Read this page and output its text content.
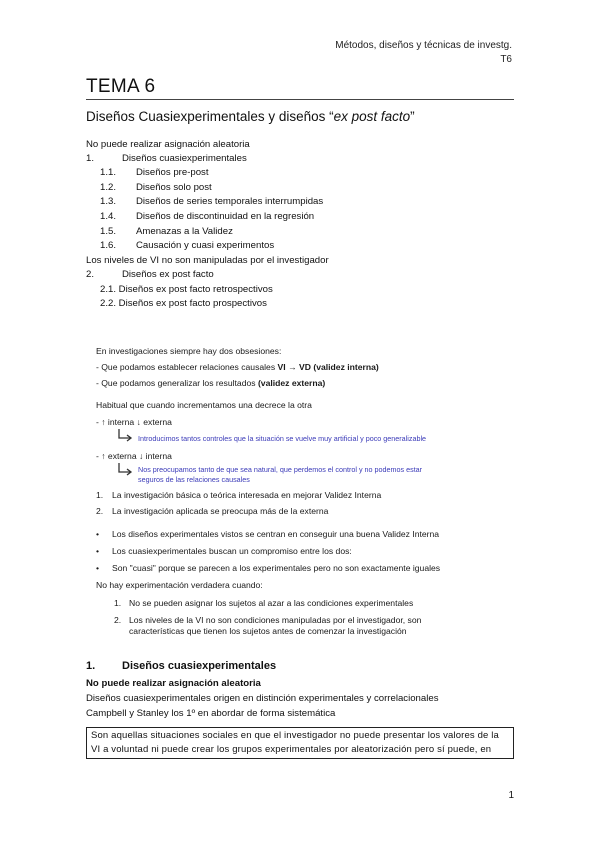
Métodos, diseños y técnicas de investg.
T6
TEMA 6
Diseños Cuasiexperimentales y diseños “ex post facto”
No puede realizar asignación aleatoria
1.	Diseños cuasiexperimentales
1.1. Diseños pre-post
1.2. Diseños solo post
1.3. Diseños de series temporales interrumpidas
1.4. Diseños de discontinuidad en la regresión
1.5. Amenazas a la Validez
1.6. Causación y cuasi experimentos
Los niveles de VI no son manipuladas por el investigador
2.	Diseños ex post facto
2.1. Diseños ex post facto retrospectivos
2.2. Diseños ex post facto prospectivos
En investigaciones siempre hay dos obsesiones:
- Que podamos establecer relaciones causales VI → VD (validez interna)
- Que podamos generalizar los resultados (validez externa)
Habitual que cuando incrementamos una decrece la otra
- ↑ interna ↓ externa
Introducimos tantos controles que la situación se vuelve muy artificial y poco generalizable
- ↑ externa ↓ interna
Nos preocupamos tanto de que sea natural, que perdemos el control y no podemos estar
seguros de las relaciones causales
1. La investigación básica o teórica interesada en mejorar Validez Interna
2. La investigación aplicada se preocupa más de la externa
• Los diseños experimentales vistos se centran en conseguir una buena Validez Interna
• Los cuasiexperimentales buscan un compromiso entre los dos:
• Son "cuasi" porque se parecen a los experimentales pero no son exactamente iguales
No hay experimentación verdadera cuando:
1. No se pueden asignar los sujetos al azar a las condiciones experimentales
2. Los niveles de la VI no son condiciones manipuladas por el investigador, son
características que tienen los sujetos antes de comenzar la investigación
1. Diseños cuasiexperimentales
No puede realizar asignación aleatoria
Diseños cuasiexperimentales origen en distinción experimentales y correlacionales
Campbell y Stanley los 1º en abordar de forma sistemática
Son aquellas situaciones sociales en que el investigador no puede presentar los valores de la
VI a voluntad ni puede crear los grupos experimentales por aleatorización pero sí puede, en
1
